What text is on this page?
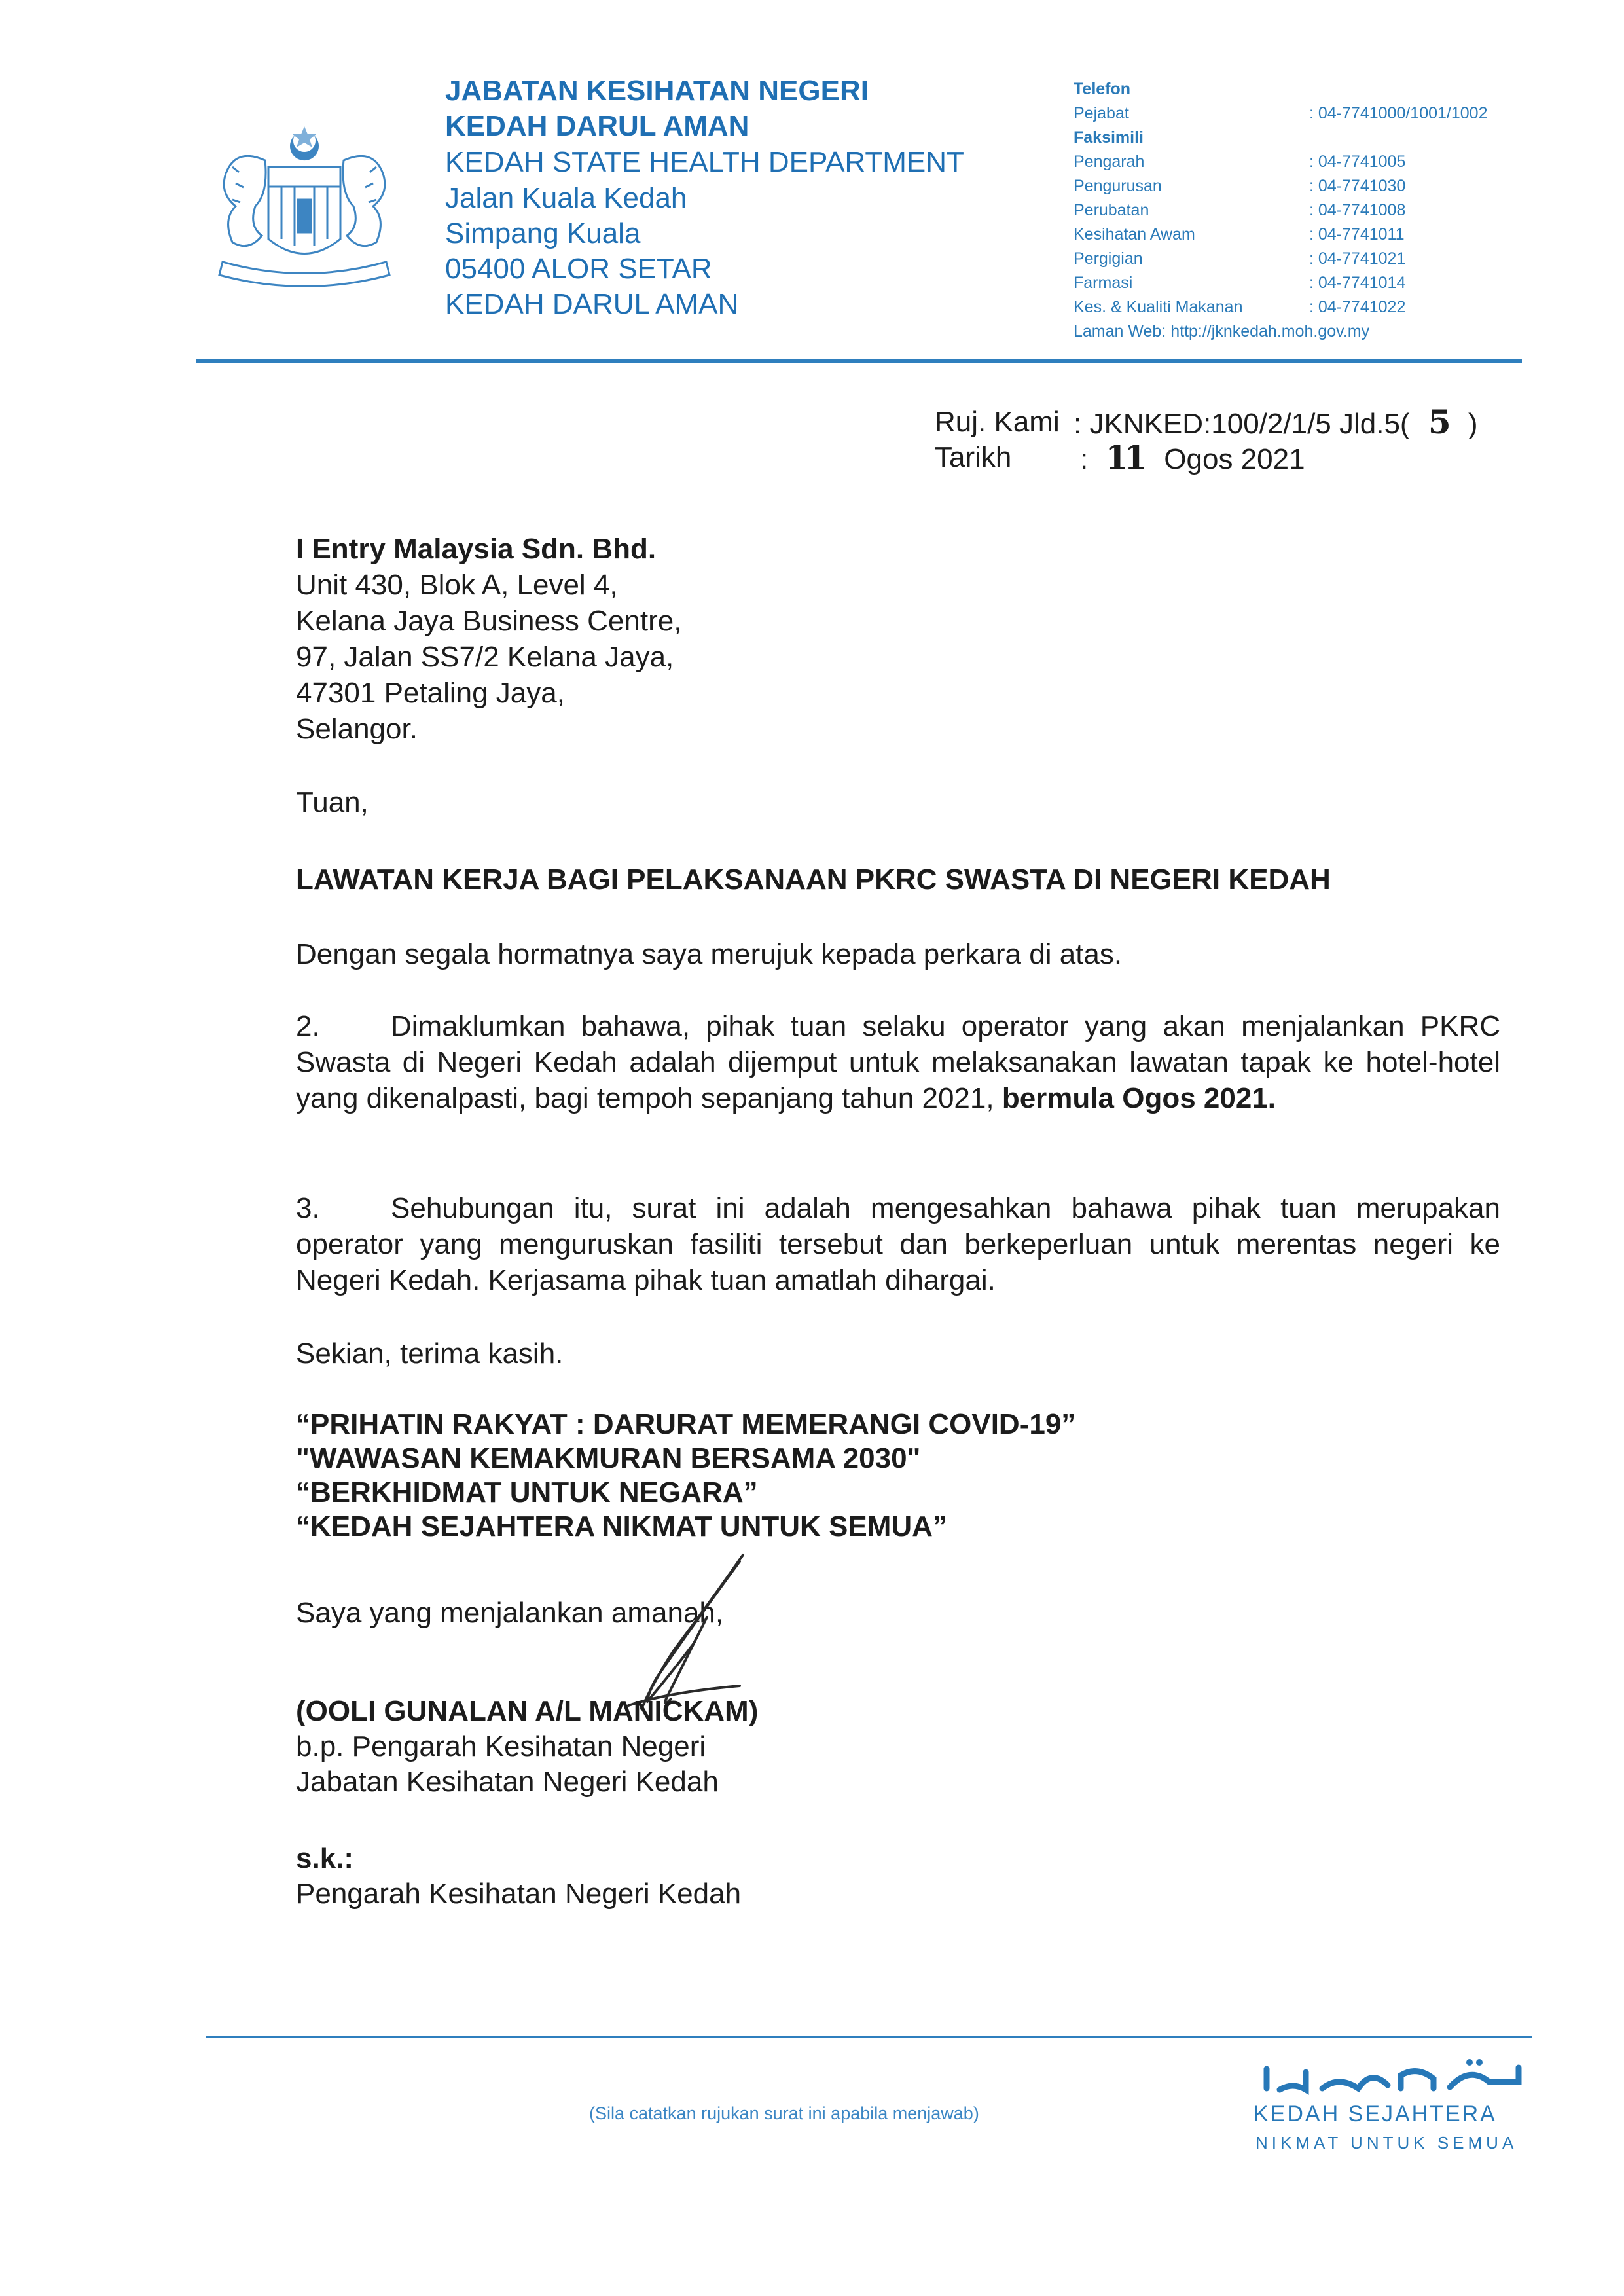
JABATAN KESIHATAN NEGERI
KEDAH DARUL AMAN
KEDAH STATE HEALTH DEPARTMENT
Jalan Kuala Kedah
Simpang Kuala
05400 ALOR SETAR
KEDAH DARUL AMAN
Telefon
Pejabat	: 04-7741000/1001/1002
Faksimili
Pengarah	: 04-7741005
Pengurusan	: 04-7741030
Perubatan	: 04-7741008
Kesihatan Awam	: 04-7741011
Pergigian	: 04-7741021
Farmasi	: 04-7741014
Kes. & Kualiti Makanan	: 04-7741022
Laman Web: http://jknkedah.moh.gov.my
Ruj. Kami : JKNKED:100/2/1/5 Jld.5( 5 )
Tarikh : 11 Ogos 2021
I Entry Malaysia Sdn. Bhd.
Unit 430, Blok A, Level 4,
Kelana Jaya Business Centre,
97, Jalan SS7/2 Kelana Jaya,
47301 Petaling Jaya,
Selangor.
Tuan,
LAWATAN KERJA BAGI PELAKSANAAN PKRC SWASTA DI NEGERI KEDAH
Dengan segala hormatnya saya merujuk kepada perkara di atas.
2. Dimaklumkan bahawa, pihak tuan selaku operator yang akan menjalankan PKRC Swasta di Negeri Kedah adalah dijemput untuk melaksanakan lawatan tapak ke hotel-hotel yang dikenalpasti, bagi tempoh sepanjang tahun 2021, bermula Ogos 2021.
3. Sehubungan itu, surat ini adalah mengesahkan bahawa pihak tuan merupakan operator yang menguruskan fasiliti tersebut dan berkeperluan untuk merentas negeri ke Negeri Kedah. Kerjasama pihak tuan amatlah dihargai.
Sekian, terima kasih.
“PRIHATIN RAKYAT : DARURAT MEMERANGI COVID-19”
"WAWASAN KEMAKMURAN BERSAMA 2030"
“BERKHIDMAT UNTUK NEGARA”
“KEDAH SEJAHTERA NIKMAT UNTUK SEMUA”
Saya yang menjalankan amanah,
(OOLI GUNALAN A/L MANICKAM)
b.p. Pengarah Kesihatan Negeri
Jabatan Kesihatan Negeri Kedah
s.k.:
Pengarah Kesihatan Negeri Kedah
(Sila catatkan rujukan surat ini apabila menjawab)	KEDAH SEJAHTERA
NIKMAT UNTUK SEMUA
